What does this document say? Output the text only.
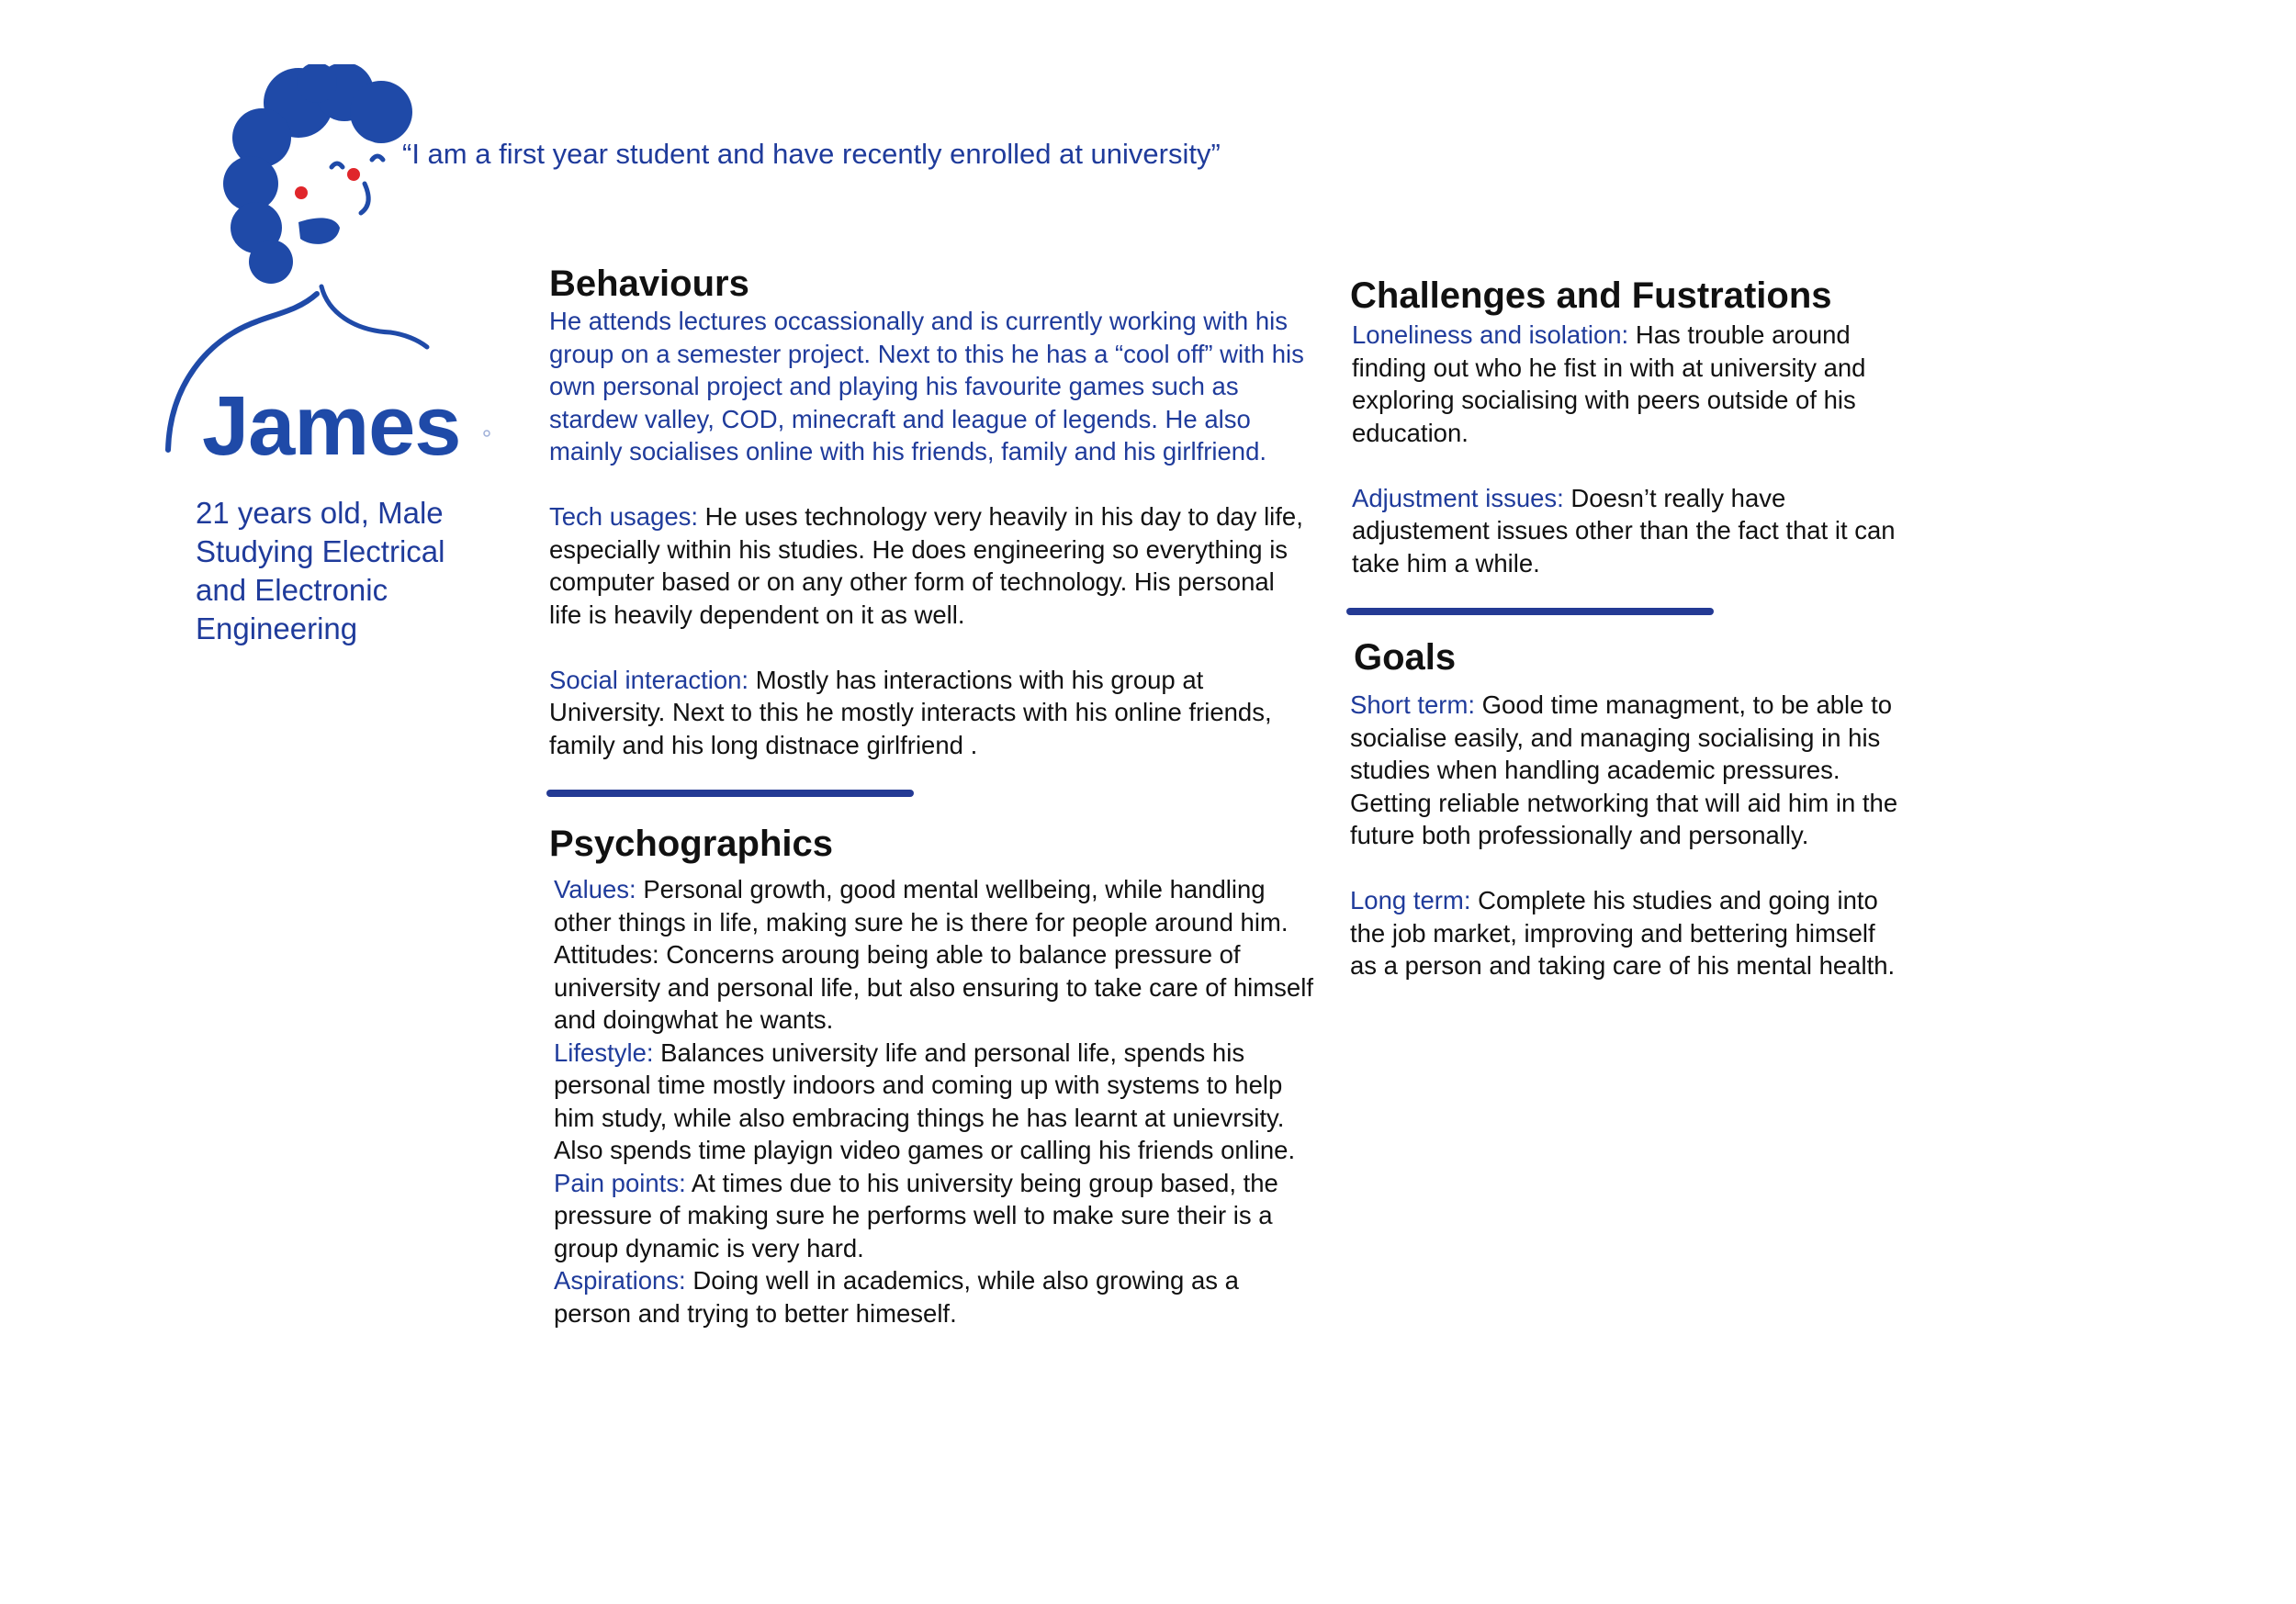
James
“I am a first year student and have recently enrolled at university”
21 years old, Male
Studying Electrical
and Electronic
Engineering
Behaviours

He attends lectures occassionally and is currently working with his group on a semester project. Next to this he has a “cool off” with his own personal project and playing his favourite games such as stardew valley, COD, minecraft and league of legends. He also mainly socialises online with his friends, family and his girlfriend.

Tech usages: He uses technology very heavily in his day to day life, especially within his studies. He does engineering so everything is computer based or on any other form of technology. His personal life is heavily dependent on it as well.

Social interaction: Mostly has interactions with his group at University. Next to this he mostly interacts with his online friends, family and his long distnace girlfriend .

Psychographics

Values: Personal growth, good mental wellbeing, while handling other things in life, making sure he is there for people around him.

Attitudes: Concerns aroung being able to balance pressure of university and personal life, but also ensuring to take care of himself and doingwhat he wants.

Lifestyle: Balances university life and personal life, spends his personal time mostly indoors and coming up with systems to help him study, while also embracing things he has learnt at unievrsity. Also spends time playign video games or calling his friends online.

Pain points: At times due to his university being group based, the pressure of making sure he performs well to make sure their is a group dynamic is very hard.

Aspirations: Doing well in academics, while also growing as a person and trying to better himeself.

Challenges and Fustrations

Loneliness and isolation: Has trouble around finding out who he fist in with at university and exploring socialising with peers outside of his education.

Adjustment issues: Doesn’t really have adjustement issues other than the fact that it can take him a while.

Goals

Short term: Good time managment, to be able to socialise easily, and managing socialising in his studies when handling academic pressures. Getting reliable networking that will aid him in the future both professionally and personally.

Long term: Complete his studies and going into the job market, improving and bettering himself as a person and taking care of his mental health.
